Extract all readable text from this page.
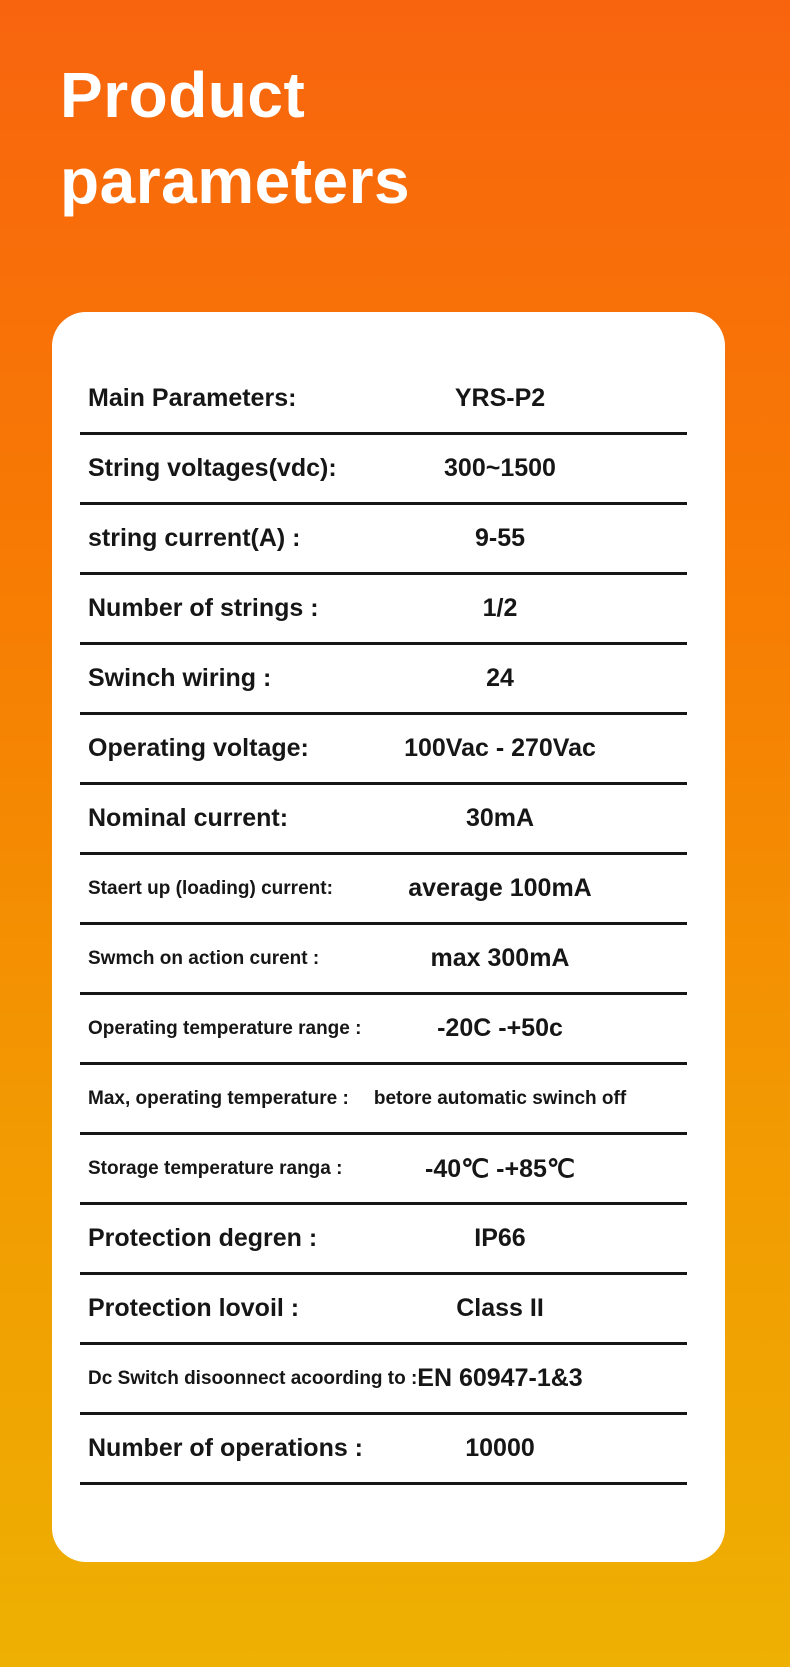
Product
parameters
Main Parameters:	YRS-P2
String voltages(vdc):	300~1500
string current(A) :	9-55
Number of strings :	1/2
Swinch wiring :	24
Operating voltage:	100Vac - 270Vac
Nominal current:	30mA
Staert up (loading) current:	average 100mA
Swmch on action curent :	max 300mA
Operating temperature range :	-20C -+50c
Max, operating temperature :	betore automatic swinch off
Storage temperature ranga :	-40℃ -+85℃
Protection degren :	IP66
Protection lovoil :	Class II
Dc Switch disoonnect acoording to : EN 60947-1&3
Number of operations :	10000
